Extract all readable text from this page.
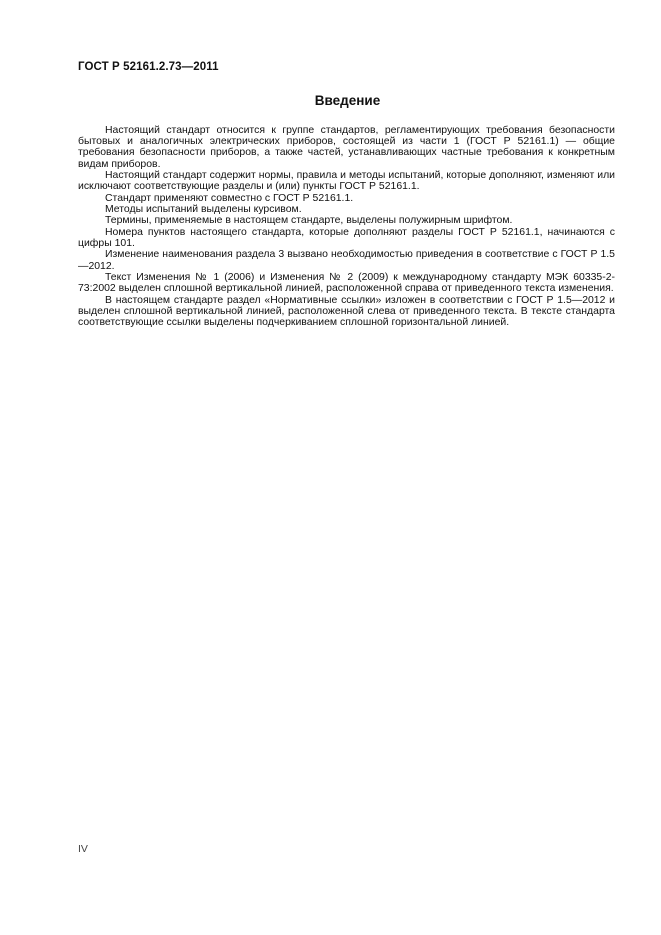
ГОСТ Р 52161.2.73—2011
Введение

Настоящий стандарт относится к группе стандартов, регламентирующих требования безопасности бытовых и аналогичных электрических приборов, состоящей из части 1 (ГОСТ Р 52161.1) — общие требования безопасности приборов, а также частей, устанавливающих частные требования к конкретным видам приборов.

Настоящий стандарт содержит нормы, правила и методы испытаний, которые дополняют, изменяют или исключают соответствующие разделы и (или) пункты ГОСТ Р 52161.1.

Стандарт применяют совместно с ГОСТ Р 52161.1.

Методы испытаний выделены курсивом.

Термины, применяемые в настоящем стандарте, выделены полужирным шрифтом.

Номера пунктов настоящего стандарта, которые дополняют разделы ГОСТ Р 52161.1, начинаются с цифры 101.

Изменение наименования раздела 3 вызвано необходимостью приведения в соответствие с ГОСТ Р 1.5—2012.

Текст Изменения № 1 (2006) и Изменения № 2 (2009) к международному стандарту МЭК 60335-2-73:2002 выделен сплошной вертикальной линией, расположенной справа от приведенного текста изменения.

В настоящем стандарте раздел «Нормативные ссылки» изложен в соответствии с ГОСТ Р 1.5—2012 и выделен сплошной вертикальной линией, расположенной слева от приведенного текста. В тексте стандарта соответствующие ссылки выделены подчеркиванием сплошной горизонтальной линией.

IV
